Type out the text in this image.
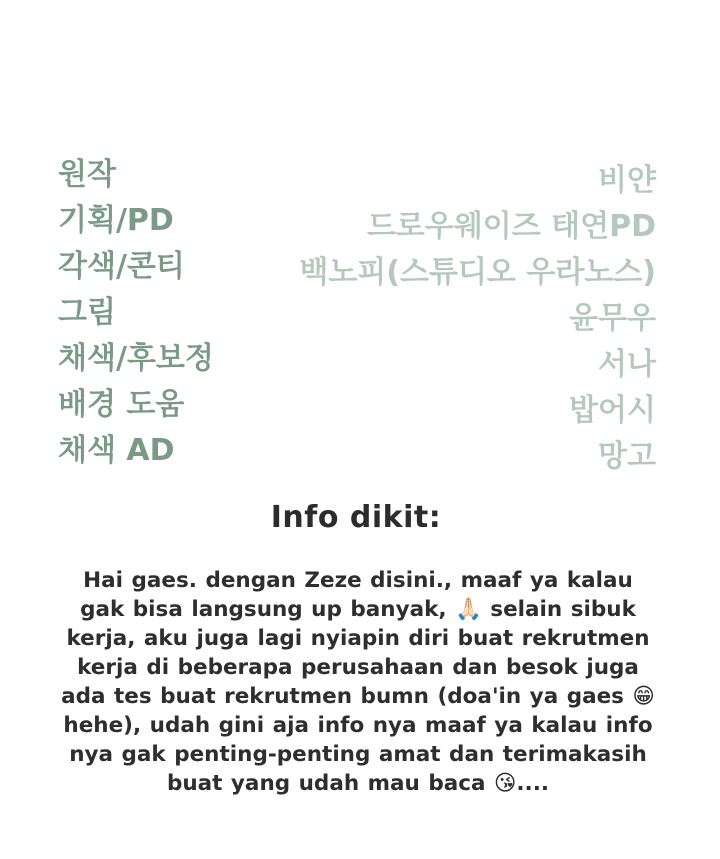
원작	비얀
기획/PD	드로우웨이즈 태연PD
각색/콘티	백노피(스튜디오 우라노스)
그림	윤무우
채색/후보정	서나
배경 도움	밥어시
채색 AD	망고
Info dikit:
Hai gaes. dengan Zeze disini., maaf ya kalau gak bisa langsung up banyak, 🙏🏻 selain sibuk kerja, aku juga lagi nyiapin diri buat rekrutmen kerja di beberapa perusahaan dan besok juga ada tes buat rekrutmen bumn (doa'in ya gaes 😁 hehe), udah gini aja info nya maaf ya kalau info nya gak penting-penting amat dan terimakasih buat yang udah mau baca 😘....
